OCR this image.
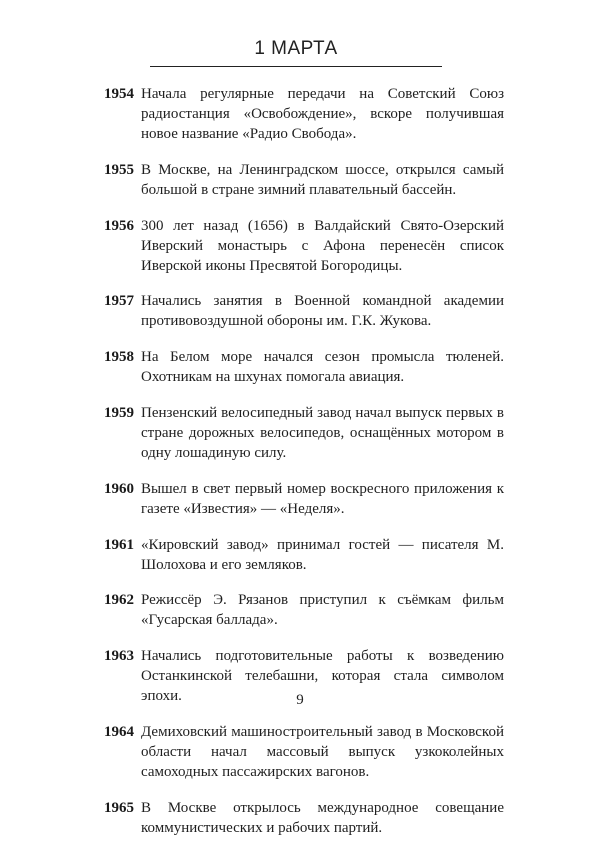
1 МАРТА
1954 Начала регулярные передачи на Советский Союз радиостанция «Освобождение», вскоре получившая новое название «Радио Свобода».
1955 В Москве, на Ленинградском шоссе, открылся самый большой в стране зимний плавательный бассейн.
1956 300 лет назад (1656) в Валдайский Свято-Озерский Иверский монастырь с Афона перенесён список Иверской иконы Пресвятой Богородицы.
1957 Начались занятия в Военной командной академии противовоздушной обороны им. Г.К. Жукова.
1958 На Белом море начался сезон промысла тюленей. Охотникам на шхунах помогала авиация.
1959 Пензенский велосипедный завод начал выпуск первых в стране дорожных велосипедов, оснащённых мотором в одну лошадиную силу.
1960 Вышел в свет первый номер воскресного приложения к газете «Известия» — «Неделя».
1961 «Кировский завод» принимал гостей — писателя М. Шолохова и его земляков.
1962 Режиссёр Э. Рязанов приступил к съёмкам фильм «Гусарская баллада».
1963 Начались подготовительные работы к возведению Останкинской телебашни, которая стала символом эпохи.
1964 Демиховский машиностроительный завод в Московской области начал массовый выпуск узкоколейных самоходных пассажирских вагонов.
1965 В Москве открылось международное совещание коммунистических и рабочих партий.
9
